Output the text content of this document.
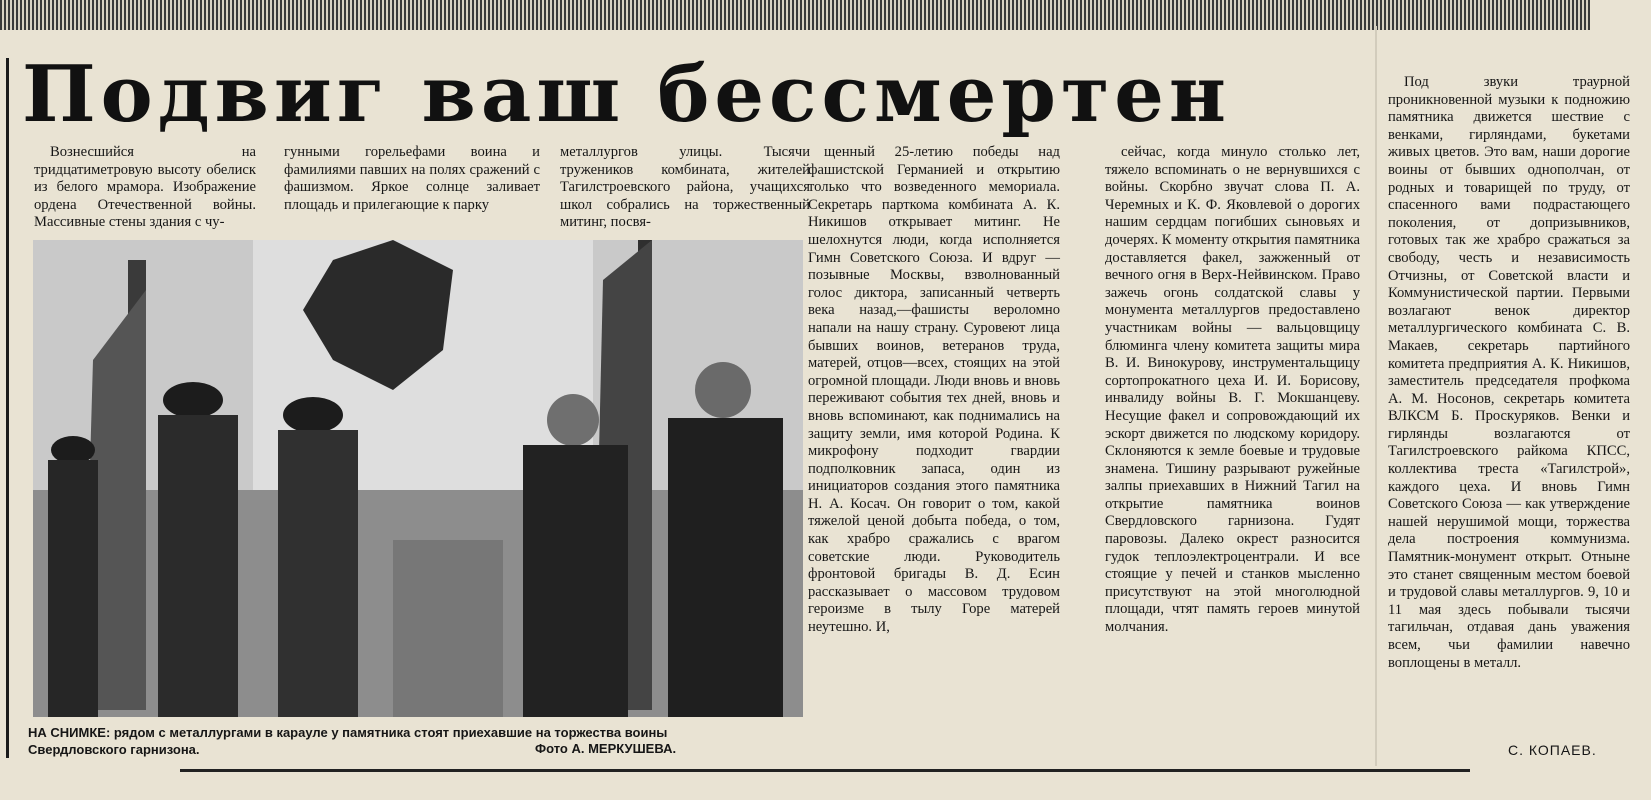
Подвиг ваш бессмертен

Вознесшийся на тридцатиметровую высоту обелиск из белого мрамора. Изображение ордена Отечественной войны. Массивные стены здания с чу-

гунными горельефами воина и фамилиями павших на полях сражений с фашизмом. Яркое солнце заливает площадь и прилегающие к парку

металлургов улицы. Тысячи тружеников комбината, жителей Тагилстроевского района, учащихся школ собрались на торжественный митинг, посвя-

НА СНИМКЕ: рядом с металлургами в карауле у памятника стоят приехавшие на торжества воины Свердловского гарнизона.	Фото А. МЕРКУШЕВА.

щенный 25-летию победы над фашистской Германией и открытию только что возведенного мемориала. Секретарь парткома комбината А. К. Никишов открывает митинг. Не шелохнутся люди, когда исполняется Гимн Советского Союза. И вдруг — позывные Москвы, взволнованный голос диктора, записанный четверть века назад,—фашисты вероломно напали на нашу страну. Суровеют лица бывших воинов, ветеранов труда, матерей, отцов—всех, стоящих на этой огромной площади. Люди вновь и вновь переживают события тех дней, вновь и вновь вспоминают, как поднимались на защиту земли, имя которой Родина. К микрофону подходит гвардии подполковник запаса, один из инициаторов создания этого памятника Н. А. Косач. Он говорит о том, какой тяжелой ценой добыта победа, о том, как храбро сражались с врагом советские люди. Руководитель фронтовой бригады В. Д. Есин рассказывает о массовом трудовом героизме в тылу Горе матерей неутешно. И,

сейчас, когда минуло столько лет, тяжело вспоминать о не вернувшихся с войны. Скорбно звучат слова П. А. Черемных и К. Ф. Яковлевой о дорогих нашим сердцам погибших сыновьях и дочерях. К моменту открытия памятника доставляется факел, зажженный от вечного огня в Верх-Нейвинском. Право зажечь огонь солдатской славы у монумента металлургов предоставлено участникам войны — вальцовщицу блюминга члену комитета защиты мира В. И. Винокурову, инструментальщицу сортопрокатного цеха И. И. Борисову, инвалиду войны В. Г. Мокшанцеву. Несущие факел и сопровождающий их эскорт движется по людскому коридору. Склоняются к земле боевые и трудовые знамена. Тишину разрывают ружейные залпы приехавших в Нижний Тагил на открытие памятника воинов Свердловского гарнизона. Гудят паровозы. Далеко окрест разносится гудок теплоэлектроцентрали. И все стоящие у печей и станков мысленно присутствуют на этой многолюдной площади, чтят память героев минутой молчания.

Под звуки траурной проникновенной музыки к подножию памятника движется шествие с венками, гирляндами, букетами живых цветов. Это вам, наши дорогие воины от бывших однополчан, от родных и товарищей по труду, от спасенного вами подрастающего поколения, от допризывников, готовых так же храбро сражаться за свободу, честь и независимость Отчизны, от Советской власти и Коммунистической партии. Первыми возлагают венок директор металлургического комбината С. В. Макаев, секретарь партийного комитета предприятия А. К. Никишов, заместитель председателя профкома А. М. Носонов, секретарь комитета ВЛКСМ Б. Проскуряков. Венки и гирлянды возлагаются от Тагилстроевского райкома КПСС, коллектива треста «Тагилстрой», каждого цеха. И вновь Гимн Советского Союза — как утверждение нашей нерушимой мощи, торжества дела построения коммунизма. Памятник-монумент открыт. Отныне это станет священным местом боевой и трудовой славы металлургов. 9, 10 и 11 мая здесь побывали тысячи тагильчан, отдавая дань уважения всем, чьи фамилии навечно воплощены в металл.

С. КОПАЕВ.
